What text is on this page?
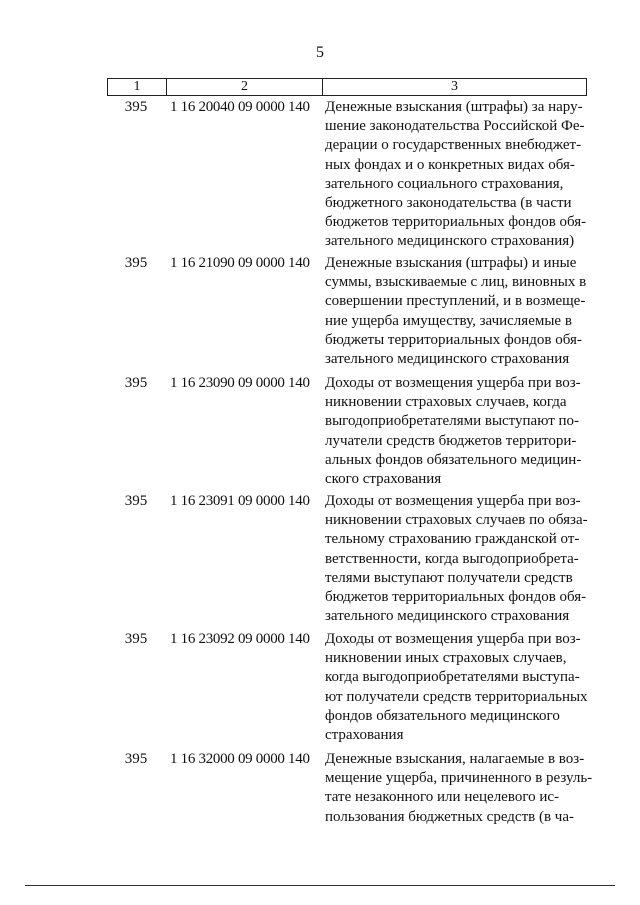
5
1	2	3
395	1 16 20040 09 0000 140	Денежные взыскания (штрафы) за нару-
шение законодательства Российской Фе-
дерации о государственных внебюджет-
ных фондах и о конкретных видах обя-
зательного социального страхования,
бюджетного законодательства (в части
бюджетов территориальных фондов обя-
зательного медицинского страхования)
395	1 16 21090 09 0000 140	Денежные взыскания (штрафы) и иные
суммы, взыскиваемые с лиц, виновных в
совершении преступлений, и в возмеще-
ние ущерба имуществу, зачисляемые в
бюджеты территориальных фондов обя-
зательного медицинского страхования
395	1 16 23090 09 0000 140	Доходы от возмещения ущерба при воз-
никновении страховых случаев, когда
выгодоприобретателями выступают по-
лучатели средств бюджетов территори-
альных фондов обязательного медицин-
ского страхования
395	1 16 23091 09 0000 140	Доходы от возмещения ущерба при воз-
никновении страховых случаев по обяза-
тельному страхованию гражданской от-
ветственности, когда выгодоприобрета-
телями выступают получатели средств
бюджетов территориальных фондов обя-
зательного медицинского страхования
395	1 16 23092 09 0000 140	Доходы от возмещения ущерба при воз-
никновении иных страховых случаев,
когда выгодоприобретателями выступа-
ют получатели средств территориальных
фондов обязательного медицинского
страхования
395	1 16 32000 09 0000 140	Денежные взыскания, налагаемые в воз-
мещение ущерба, причиненного в резуль-
тате незаконного или нецелевого ис-
пользования бюджетных средств (в ча-
